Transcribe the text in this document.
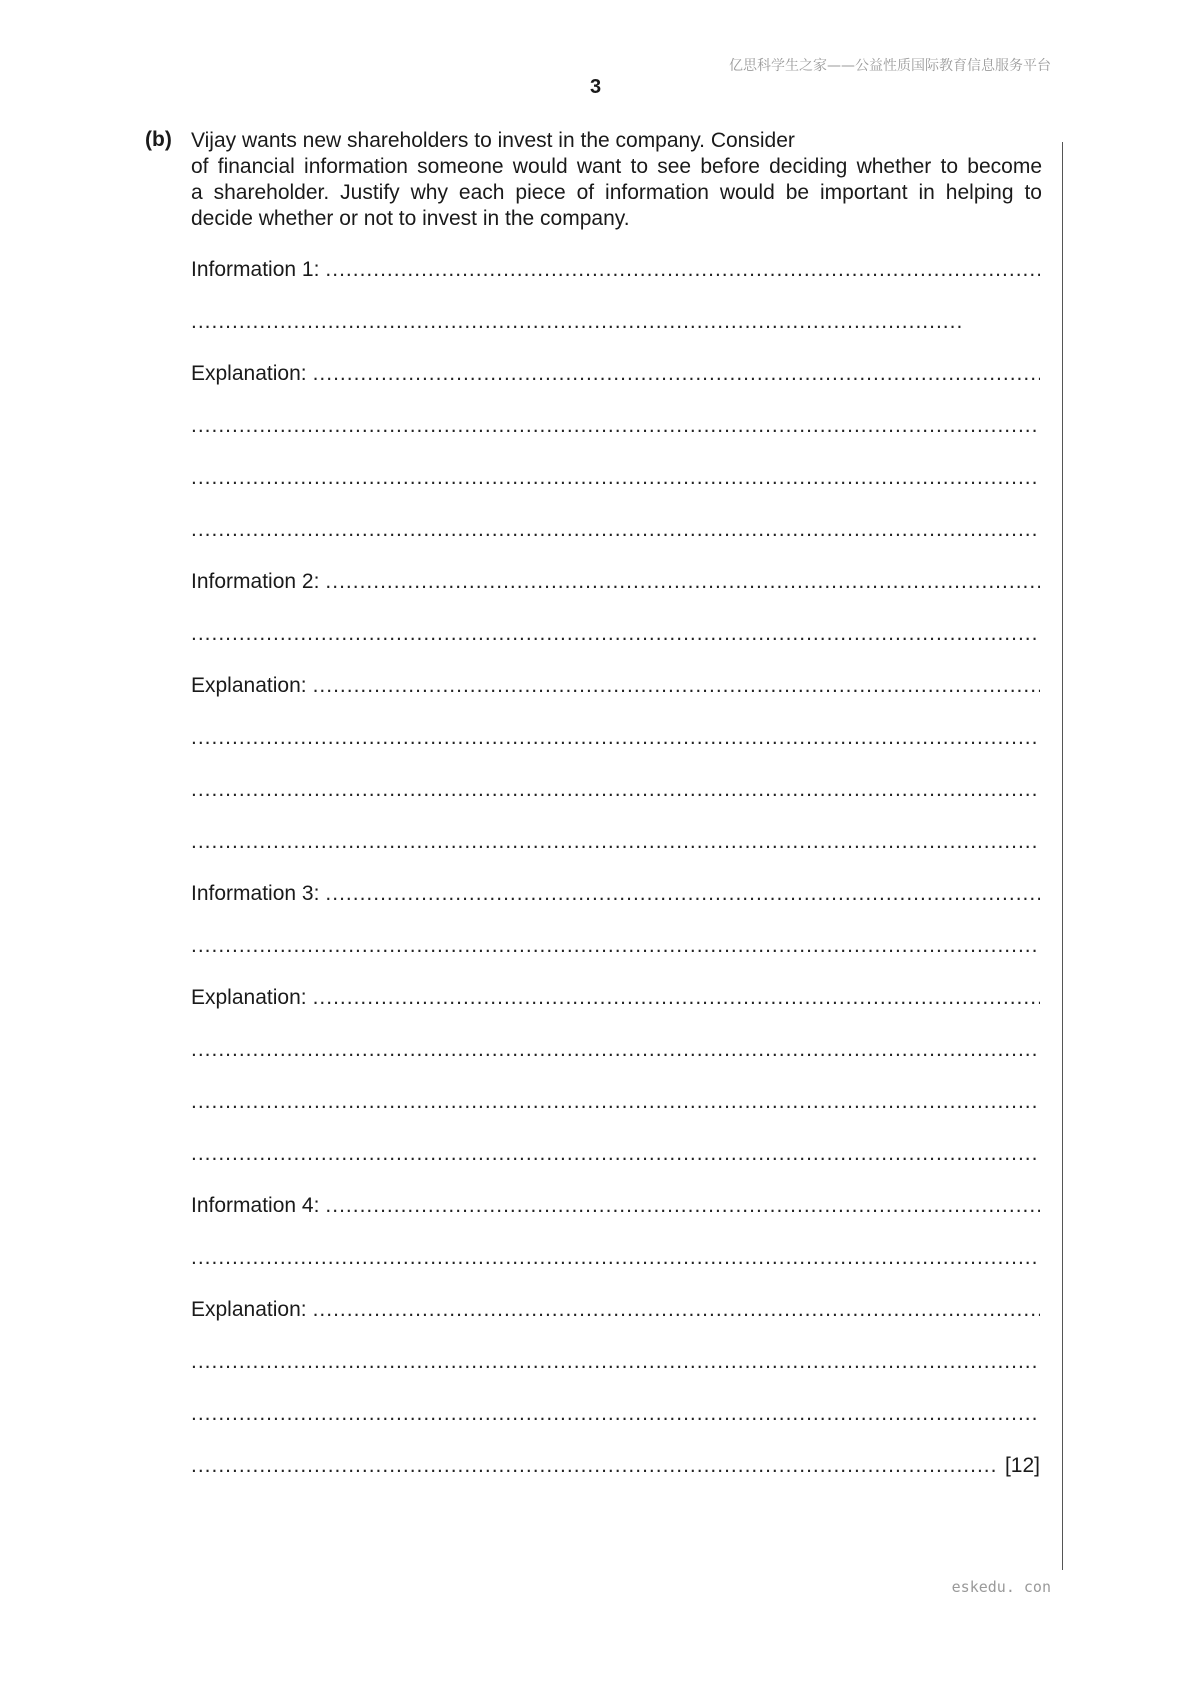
亿思科学生之家——公益性质国际教育信息服务平台
3
(b) Vijay wants new shareholders to invest in the company. Consider
of financial information someone would want to see before deciding whether to become
a shareholder. Justify why each piece of information would be important in helping to
decide whether or not to invest in the company.
Information 1:
.....
.....
Explanation:
.....
.....
.....
.....
Information 2:
.....
.....
Explanation:
.....
.....
.....
.....
Information 3:
.....
.....
Explanation:
.....
.....
.....
.....
Information 4:
.....
.....
Explanation:
.....
.....
.....
.....
[12]
eskedu. con
